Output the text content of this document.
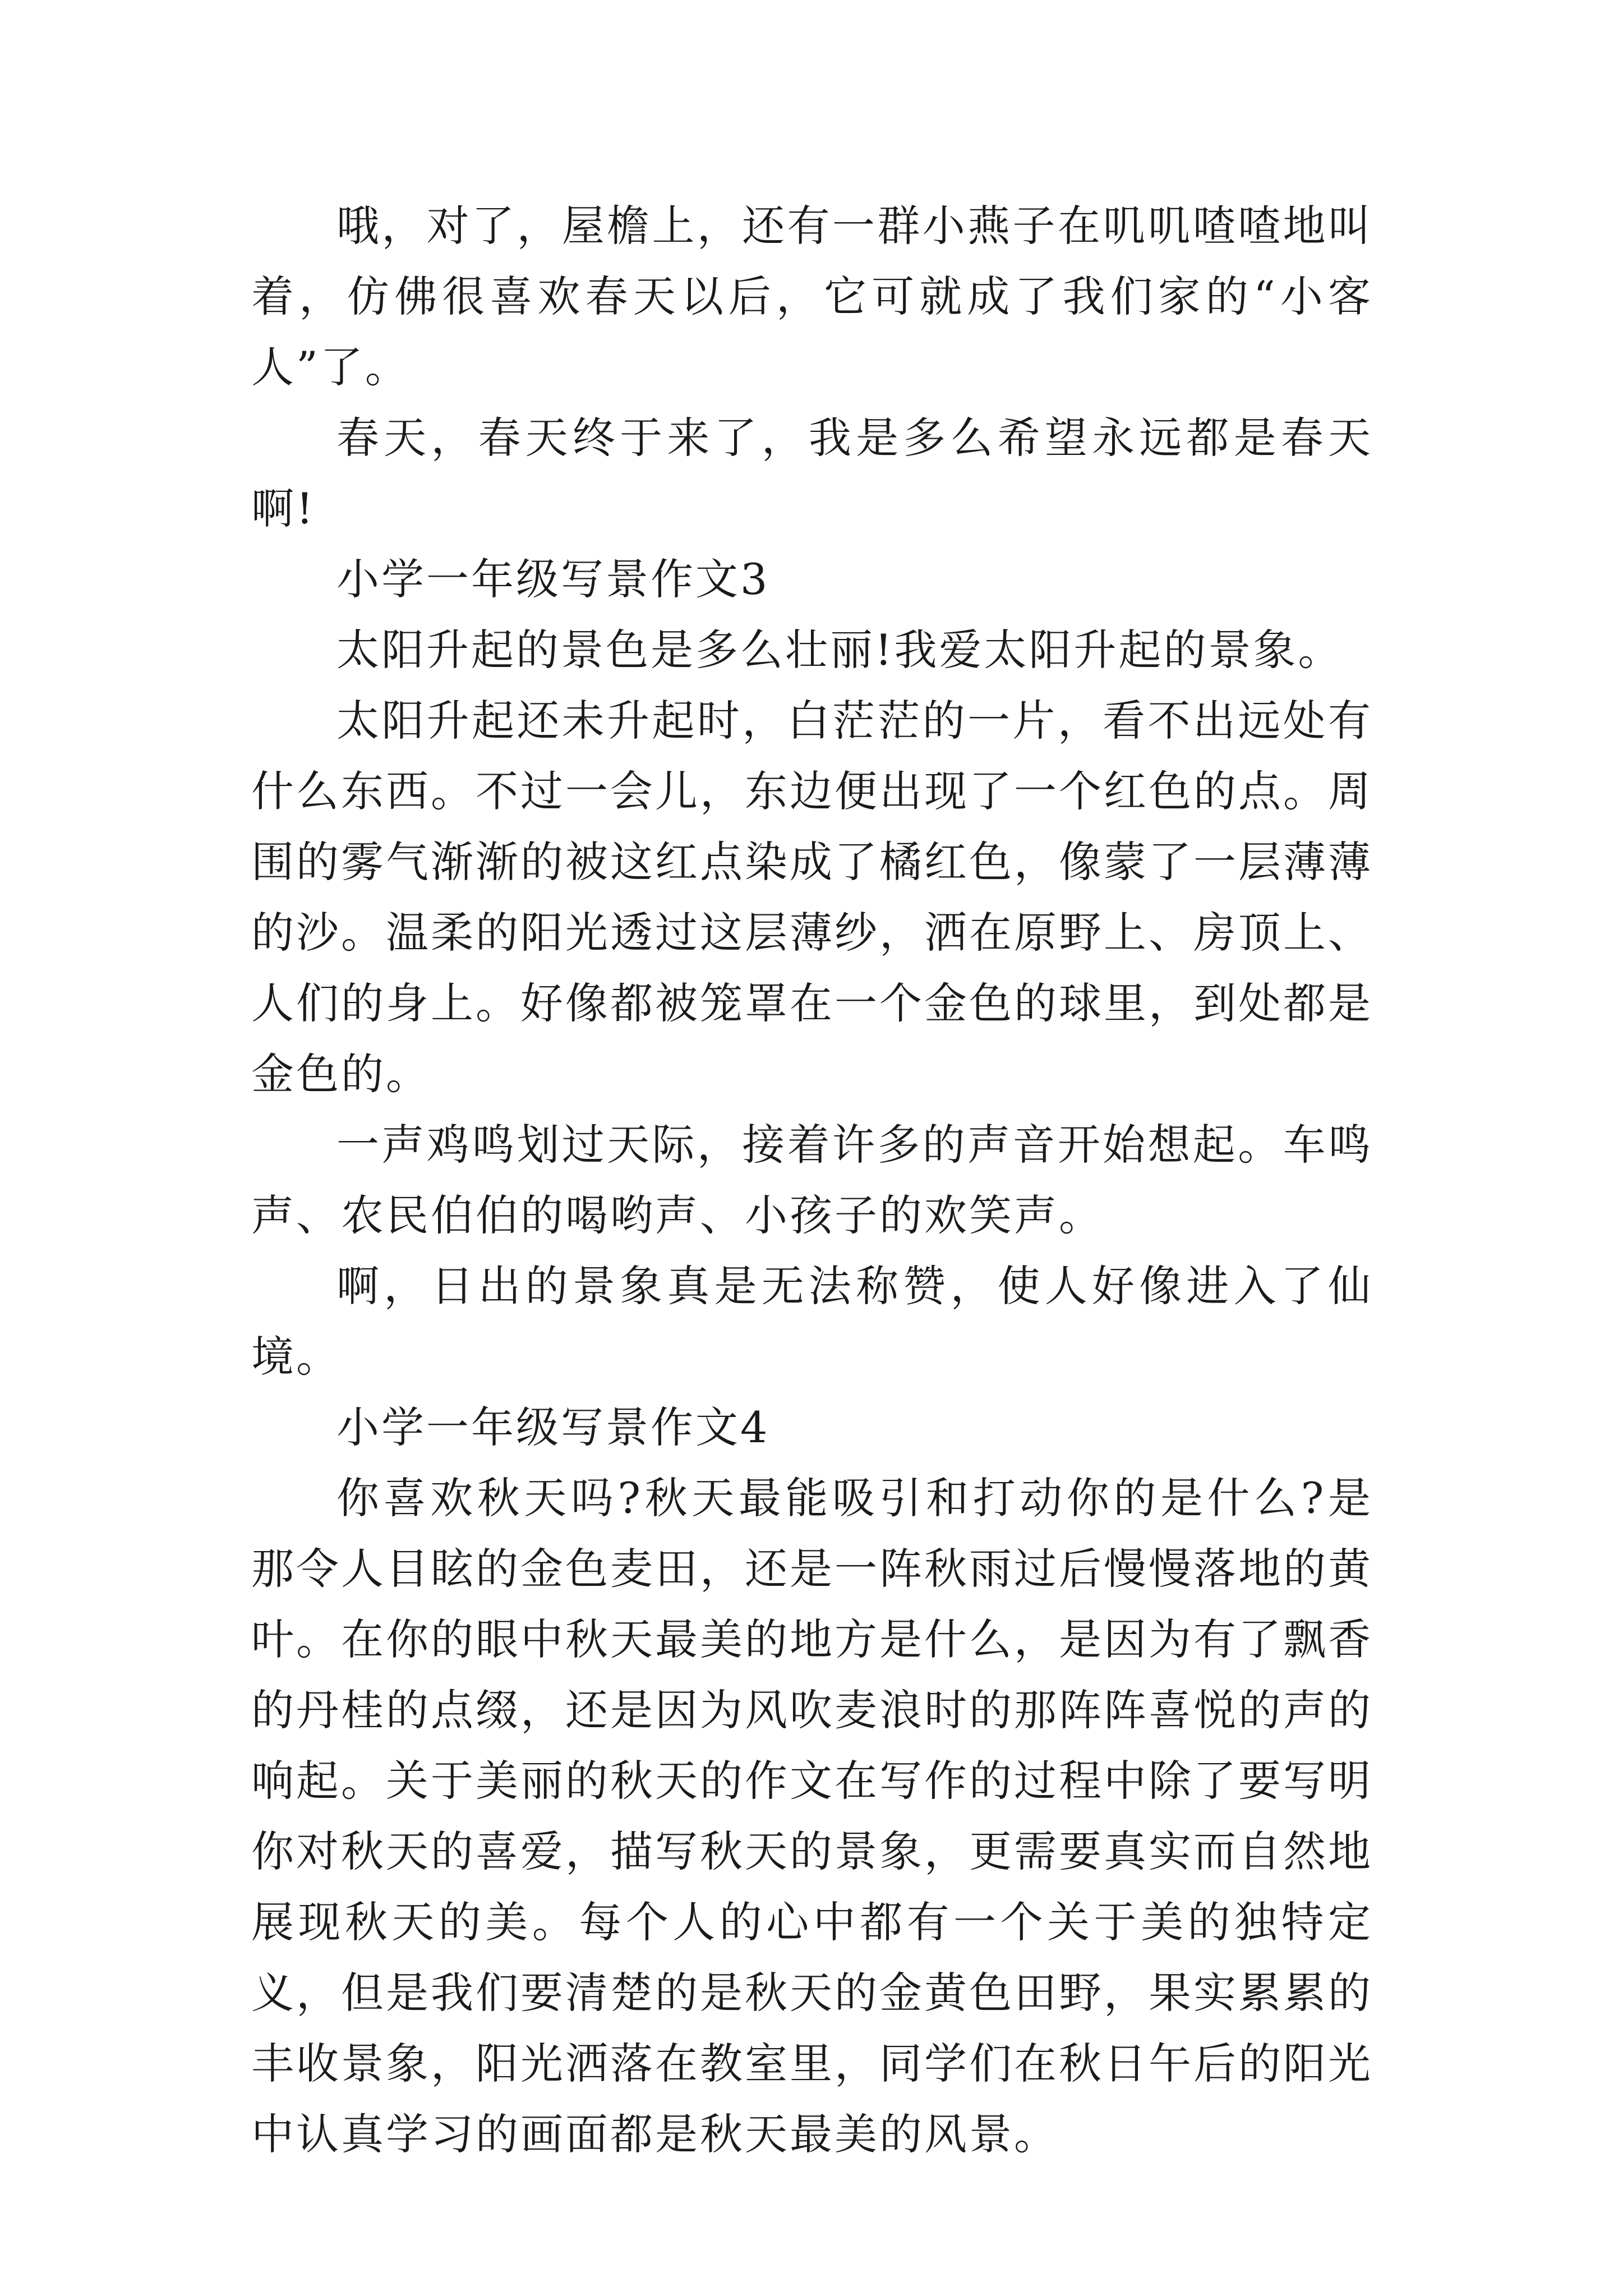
哦，对了，屋檐上，还有一群小燕子在叽叽喳喳地叫着，仿佛很喜欢春天以后，它可就成了我们家的“小客人”了。

春天，春天终于来了，我是多么希望永远都是春天啊!

小学一年级写景作文3

太阳升起的景色是多么壮丽!我爱太阳升起的景象。

太阳升起还未升起时，白茫茫的一片，看不出远处有什么东西。不过一会儿，东边便出现了一个红色的点。周围的雾气渐渐的被这红点染成了橘红色，像蒙了一层薄薄的沙。温柔的阳光透过这层薄纱，洒在原野上、房顶上、人们的身上。好像都被笼罩在一个金色的球里，到处都是金色的。

一声鸡鸣划过天际，接着许多的声音开始想起。车鸣声、农民伯伯的喝哟声、小孩子的欢笑声。

啊，日出的景象真是无法称赞，使人好像进入了仙境。

小学一年级写景作文4

你喜欢秋天吗?秋天最能吸引和打动你的是什么?是那令人目眩的金色麦田，还是一阵秋雨过后慢慢落地的黄叶。在你的眼中秋天最美的地方是什么，是因为有了飘香的丹桂的点缀，还是因为风吹麦浪时的那阵阵喜悦的声的响起。关于美丽的秋天的作文在写作的过程中除了要写明你对秋天的喜爱，描写秋天的景象，更需要真实而自然地展现秋天的美。每个人的心中都有一个关于美的独特定义，但是我们要清楚的是秋天的金黄色田野，果实累累的丰收景象，阳光洒落在教室里，同学们在秋日午后的阳光中认真学习的画面都是秋天最美的风景。
